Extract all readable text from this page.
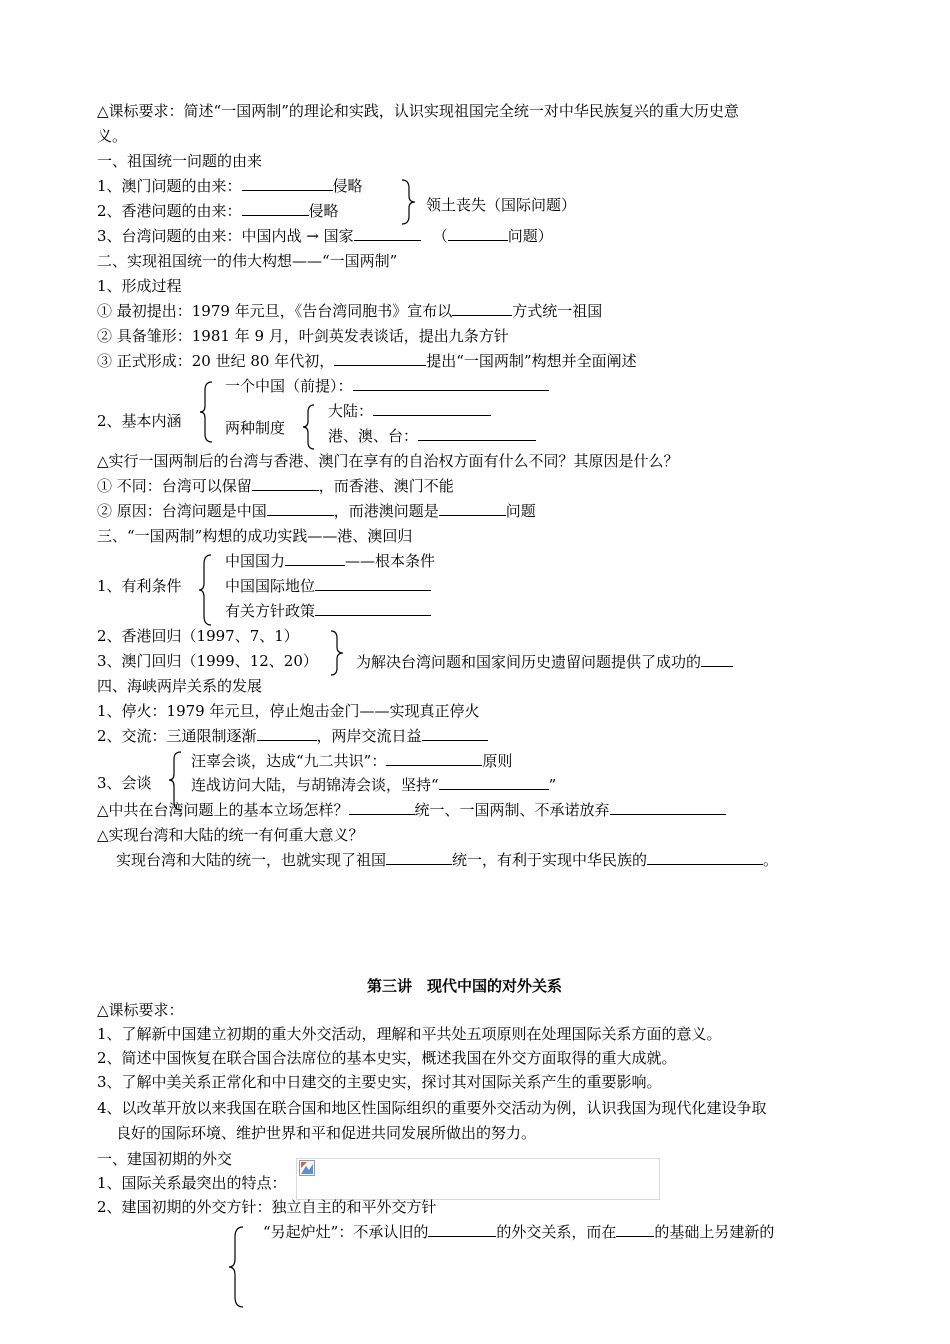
△课标要求：简述“一国两制”的理论和实践，认识实现祖国完全统一对中华民族复兴的重大历史意
义。
一、祖国统一问题的由来
1、澳门问题的由来：	侵略
2、香港问题的由来：	侵略	领土丧失（国际问题）
3、台湾问题的由来：中国内战 → 国家	（	问题）
二、实现祖国统一的伟大构想——“一国两制”
1、形成过程
① 最初提出：1979 年元旦，《告台湾同胞书》宣布以	方式统一祖国
② 具备雏形：1981 年 9 月，叶剑英发表谈话，提出九条方针
③ 正式形成：20 世纪 80 年代初，	提出“一国两制”构想并全面阐述
2、基本内涵
一个中国（前提）：
两种制度
大陆：
港、澳、台：
△实行一国两制后的台湾与香港、澳门在享有的自治权方面有什么不同？其原因是什么？
① 不同：台湾可以保留	，而香港、澳门不能
② 原因：台湾问题是中国	，而港澳问题是	问题
三、“一国两制”构想的成功实践——港、澳回归
1、有利条件
中国国力	——根本条件
中国国际地位
有关方针政策
2、香港回归（1997、7、1）
3、澳门回归（1999、12、20）	为解决台湾问题和国家间历史遗留问题提供了成功的
四、海峡两岸关系的发展
1、停火：1979 年元旦，停止炮击金门——实现真正停火
2、交流：三通限制逐渐	，两岸交流日益
3、会谈
汪辜会谈，达成“九二共识”：	原则
连战访问大陆，与胡锦涛会谈，坚持“	”
△中共在台湾问题上的基本立场怎样？	统一、一国两制、不承诺放弃
△实现台湾和大陆的统一有何重大意义？
实现台湾和大陆的统一，也就实现了祖国	统一，有利于实现中华民族的	。
第三讲　现代中国的对外关系
△课标要求：
1、了解新中国建立初期的重大外交活动，理解和平共处五项原则在处理国际关系方面的意义。
2、简述中国恢复在联合国合法席位的基本史实，概述我国在外交方面取得的重大成就。
3、了解中美关系正常化和中日建交的主要史实，探讨其对国际关系产生的重要影响。
4、以改革开放以来我国在联合国和地区性国际组织的重要外交活动为例，认识我国为现代化建设争取
良好的国际环境、维护世界和平和促进共同发展所做出的努力。
一、建国初期的外交
1、国际关系最突出的特点：
2、建国初期的外交方针：独立自主的和平外交方针
“另起炉灶”：不承认旧的	的外交关系，而在	的基础上另建新的
